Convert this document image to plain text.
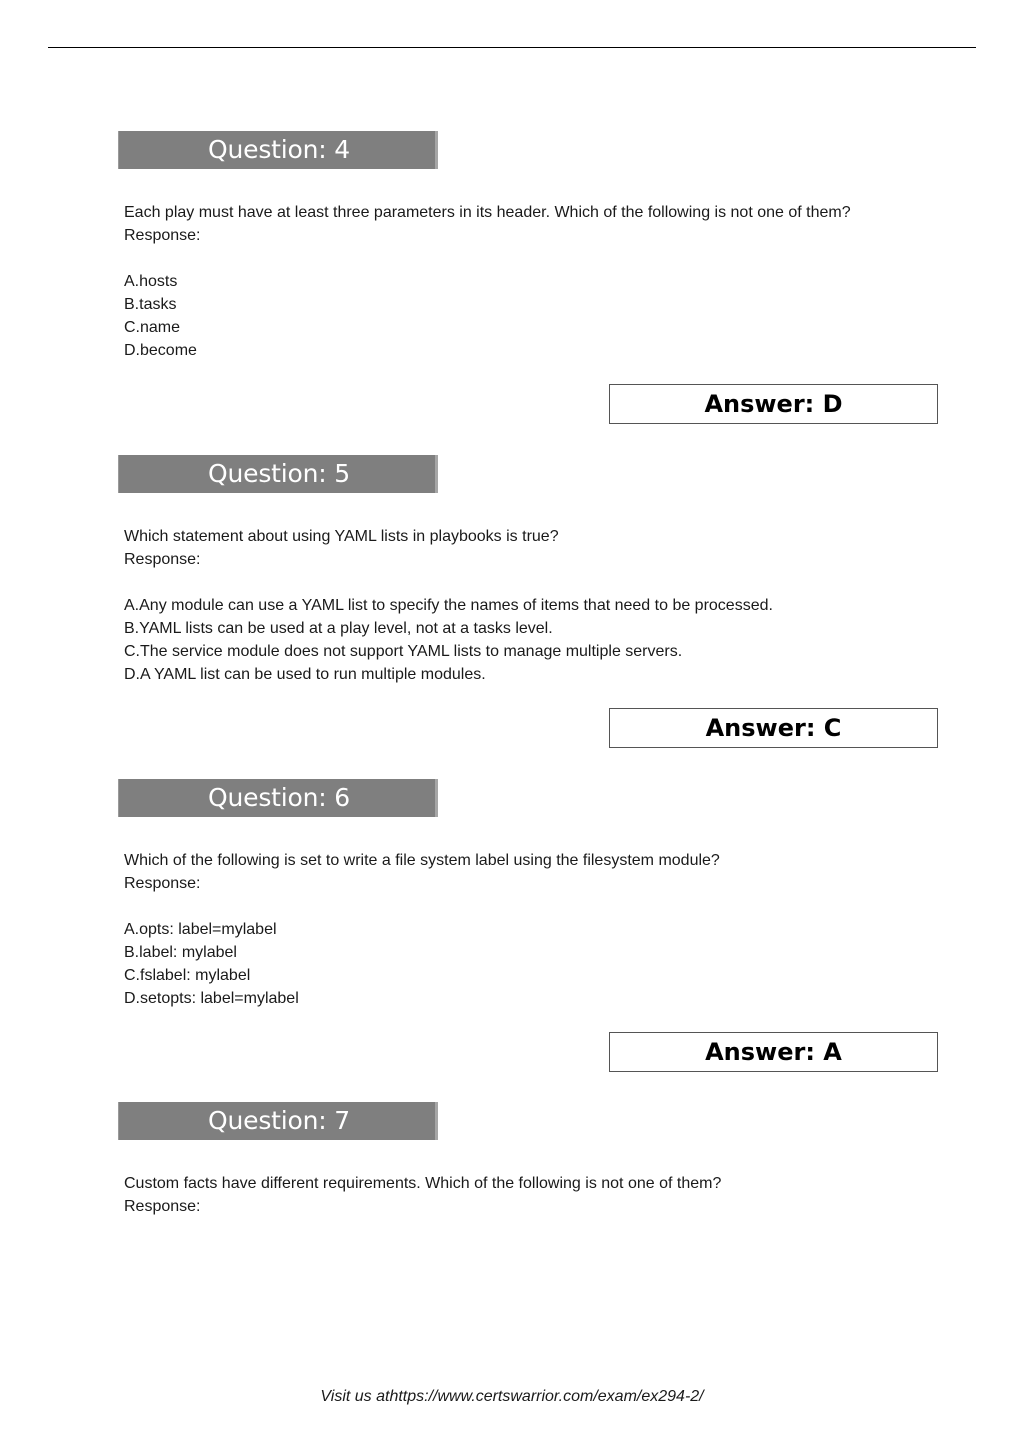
Question: 4
Each play must have at least three parameters in its header. Which of the following is not one of them?
Response:
A.hosts
B.tasks
C.name
D.become
Answer: D
Question: 5
Which statement about using YAML lists in playbooks is true?
Response:
A.Any module can use a YAML list to specify the names of items that need to be processed.
B.YAML lists can be used at a play level, not at a tasks level.
C.The service module does not support YAML lists to manage multiple servers.
D.A YAML list can be used to run multiple modules.
Answer: C
Question: 6
Which of the following is set to write a file system label using the filesystem module?
Response:
A.opts: label=mylabel
B.label: mylabel
C.fslabel: mylabel
D.setopts: label=mylabel
Answer: A
Question: 7
Custom facts have different requirements. Which of the following is not one of them?
Response:
Visit us athttps://www.certswarrior.com/exam/ex294-2/
